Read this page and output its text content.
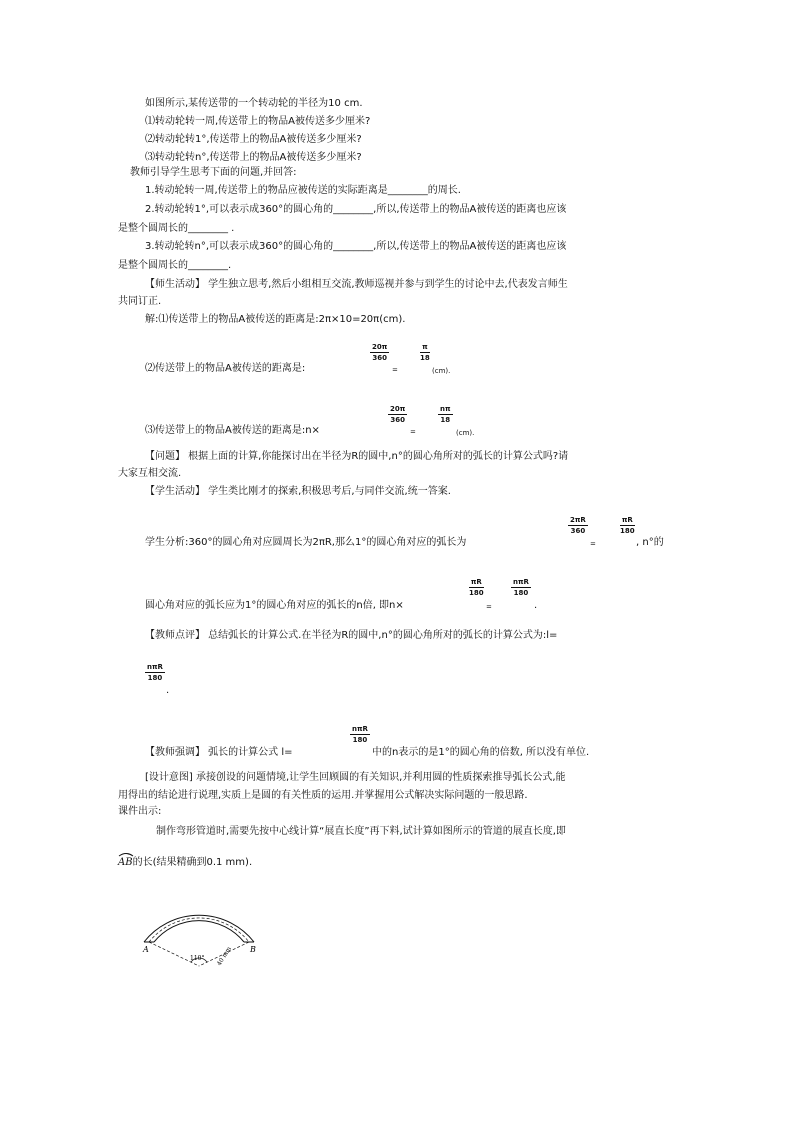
如图所示,某传送带的一个转动轮的半径为10 cm.
⑴转动轮转一周,传送带上的物品A被传送多少厘米?
⑵转动轮转1°,传送带上的物品A被传送多少厘米?
⑶转动轮转n°,传送带上的物品A被传送多少厘米?
教师引导学生思考下面的问题,并回答:
1.转动轮转一周,传送带上的物品应被传送的实际距离是________的周长.
2.转动轮转1°,可以表示成360°的圆心角的________,所以,传送带上的物品A被传送的距离也应该
是整个圆周长的________ .
3.转动轮转n°,可以表示成360°的圆心角的________,所以,传送带上的物品A被传送的距离也应该
是整个圆周长的________.
【师生活动】 学生独立思考,然后小组相互交流,教师巡视并参与到学生的讨论中去,代表发言师生
共同订正.
解:⑴传送带上的物品A被传送的距离是:2π×10=20π(cm).
⑵传送带上的物品A被传送的距离是:
$\frac{20\pi}{360}$
=
$\frac{\pi}{18}$
(cm).
⑶传送带上的物品A被传送的距离是:n×
$\frac{20\pi}{360}$
=
$\frac{n\pi}{18}$
(cm).
【问题】 根据上面的计算,你能探讨出在半径为R的圆中,n°的圆心角所对的弧长的计算公式吗?请
大家互相交流.
【学生活动】 学生类比刚才的探索,积极思考后,与同伴交流,统一答案.
学生分析:360°的圆心角对应圆周长为2πR,那么1°的圆心角对应的弧长为
$\frac{2\pi R}{360}$
=
$\frac{\pi R}{180}$
, n°的
圆心角对应的弧长应为1°的圆心角对应的弧长的n倍, 即n×
$\frac{\pi R}{180}$
=
nπR
180
.
【教师点评】 总结弧长的计算公式.在半径为R的圆中,n°的圆心角所对的弧长的计算公式为:l=
nπR
180
.
【教师强调】 弧长的计算公式 l=
nπR
180
中的n表示的是1°的圆心角的倍数, 所以没有单位.
[设计意图] 承接创设的问题情境,让学生回顾圆的有关知识,并利用圆的性质探索推导弧长公式,能
用得出的结论进行说理,实质上是圆的有关性质的运用.并掌握用公式解决实际问题的一般思路.
课件出示:
制作弯形管道时,需要先按中心线计算“展直长度”再下料,试计算如图所示的管道的展直长度,即
AB的长(结果精确到0.1 mm).
A	B
110° 40 mm
